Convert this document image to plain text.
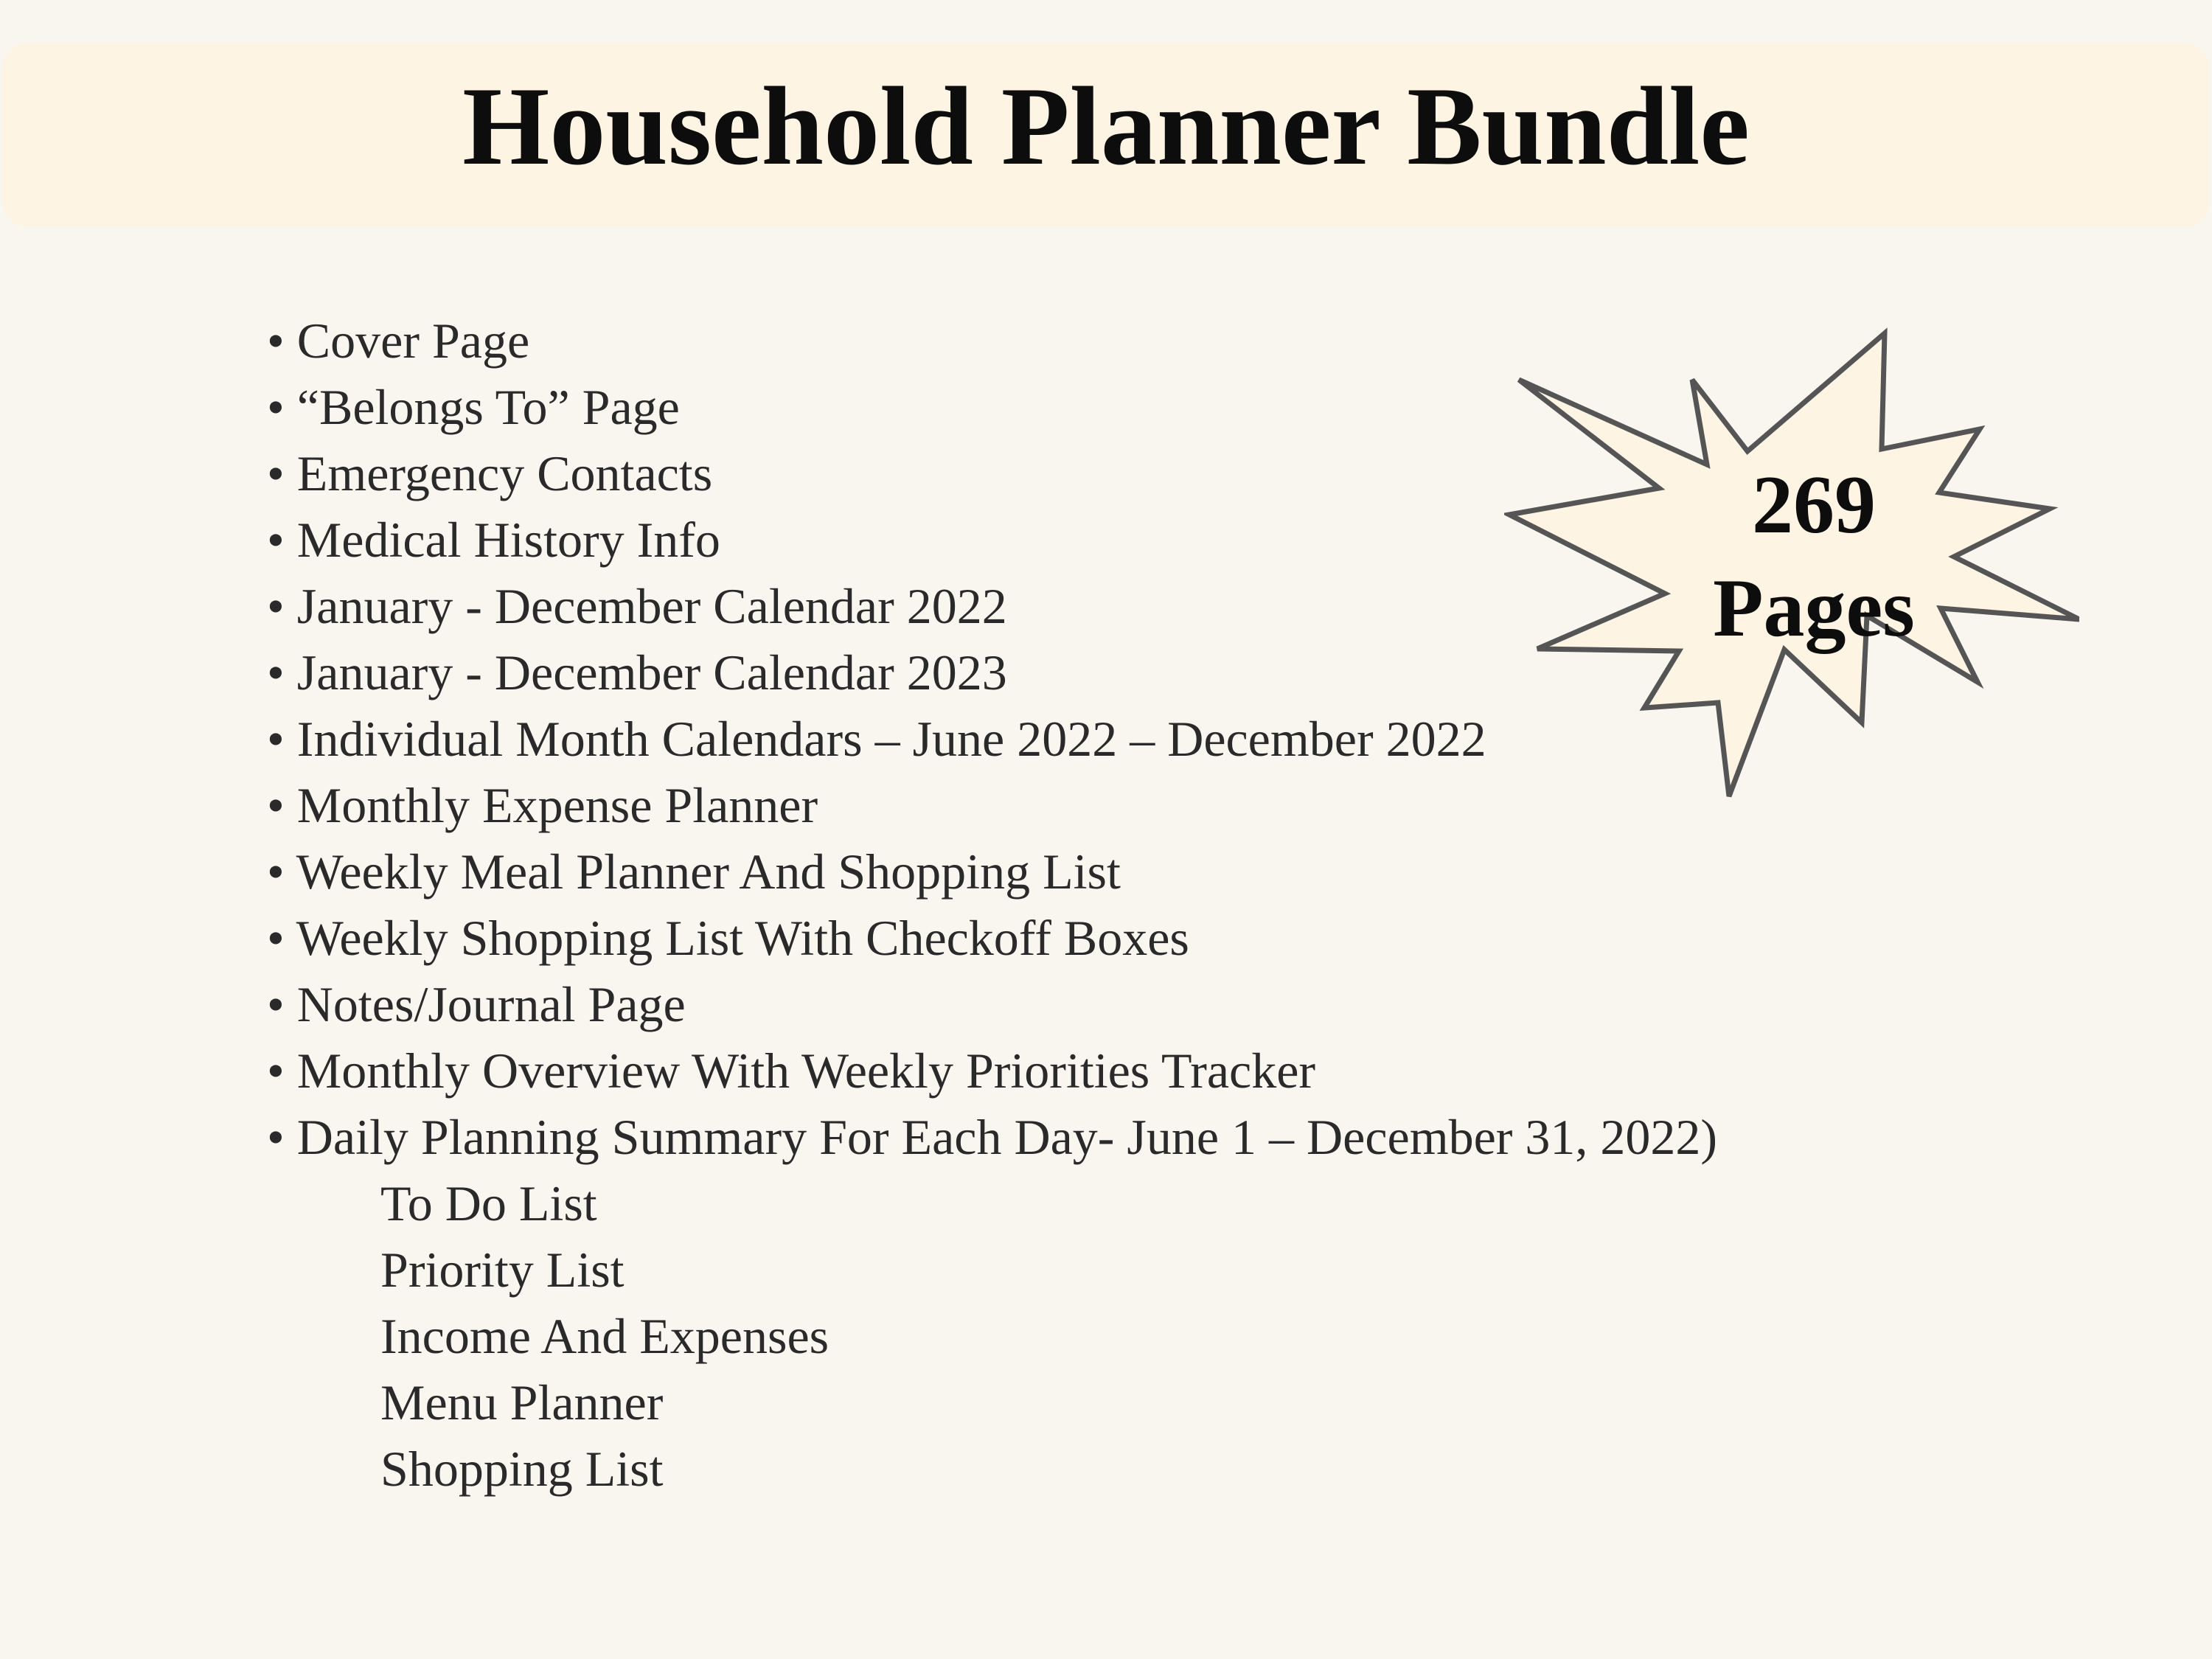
Household Planner Bundle
• Cover Page
• “Belongs To” Page
• Emergency Contacts
• Medical History Info
• January - December Calendar 2022
• January - December Calendar 2023
• Individual Month Calendars – June 2022 – December 2022
• Monthly Expense Planner
• Weekly Meal Planner And Shopping List
• Weekly Shopping List With Checkoff Boxes
• Notes/Journal Page
• Monthly Overview With Weekly Priorities Tracker
• Daily Planning Summary For Each Day- June 1 – December 31, 2022)
To Do List
Priority List
Income And Expenses
Menu Planner
Shopping List
269
Pages
